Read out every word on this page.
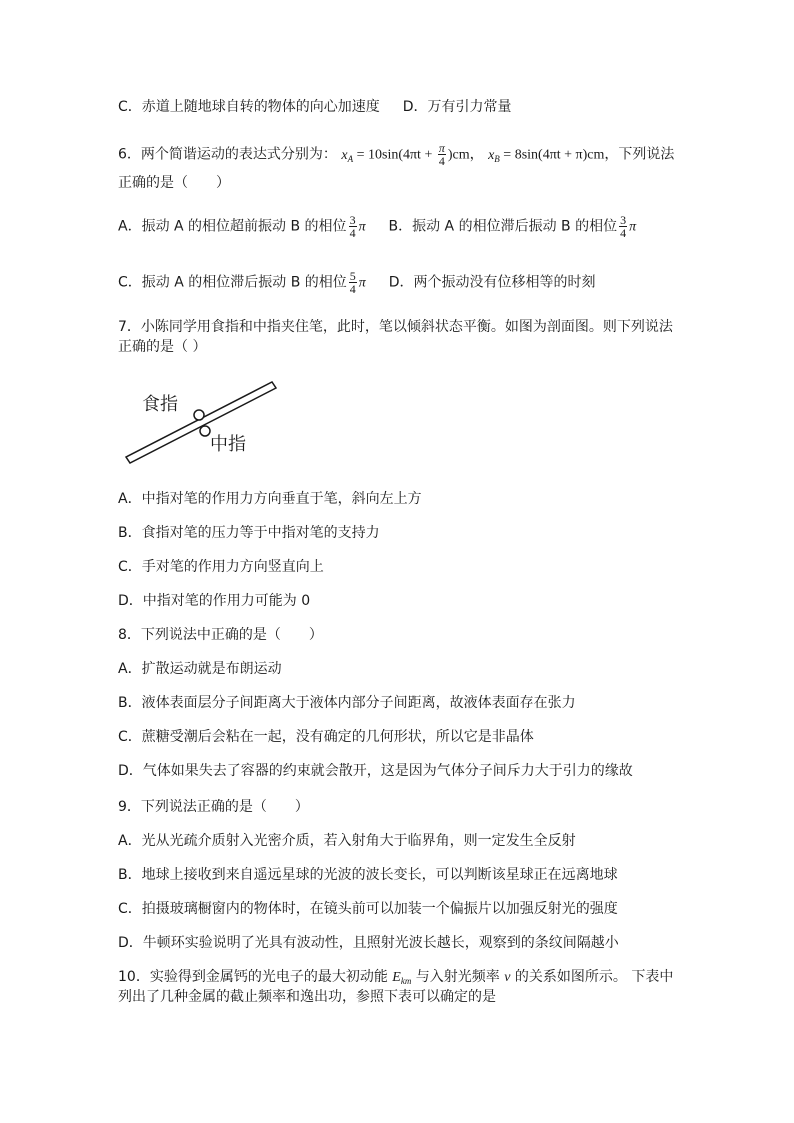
C．赤道上随地球自转的物体的向心加速度 D．万有引力常量
6．两个简谐运动的表达式分别为： $x_A = 10\sin(4\pi t + \frac{\pi}{4} )cm$， $x_B = 8\sin(4\pi t + \pi)cm$，下列说法
正确的是（　　）
A．振动 A 的相位超前振动 B 的相位 $\frac{3}{4}$ π B．振动 A 的相位滞后振动 B 的相位 $\frac{3}{4}$ π
C．振动 A 的相位滞后振动 B 的相位 $\frac{5}{4}$ π D．两个振动没有位移相等的时刻
7．小陈同学用食指和中指夹住笔，此时，笔以倾斜状态平衡。如图为剖面图。则下列说法
正确的是（ ）
食指
中指
A．中指对笔的作用力方向垂直于笔，斜向左上方
B．食指对笔的压力等于中指对笔的支持力
C．手对笔的作用力方向竖直向上
D．中指对笔的作用力可能为 0
8．下列说法中正确的是（　　）
A．扩散运动就是布朗运动
B．液体表面层分子间距离大于液体内部分子间距离，故液体表面存在张力
C．蔗糖受潮后会粘在一起，没有确定的几何形状，所以它是非晶体
D．气体如果失去了容器的约束就会散开，这是因为气体分子间斥力大于引力的缘故
9．下列说法正确的是（　　）
A．光从光疏介质射入光密介质，若入射角大于临界角，则一定发生全反射
B．地球上接收到来自遥远星球的光波的波长变长，可以判断该星球正在远离地球
C．拍摄玻璃橱窗内的物体时，在镜头前可以加装一个偏振片以加强反射光的强度
D．牛顿环实验说明了光具有波动性，且照射光波长越长，观察到的条纹间隔越小
10．实验得到金属钙的光电子的最大初动能 $E_{km}$ 与入射光频率 ν 的关系如图所示。 下表中
列出了几种金属的截止频率和逸出功，参照下表可以确定的是
